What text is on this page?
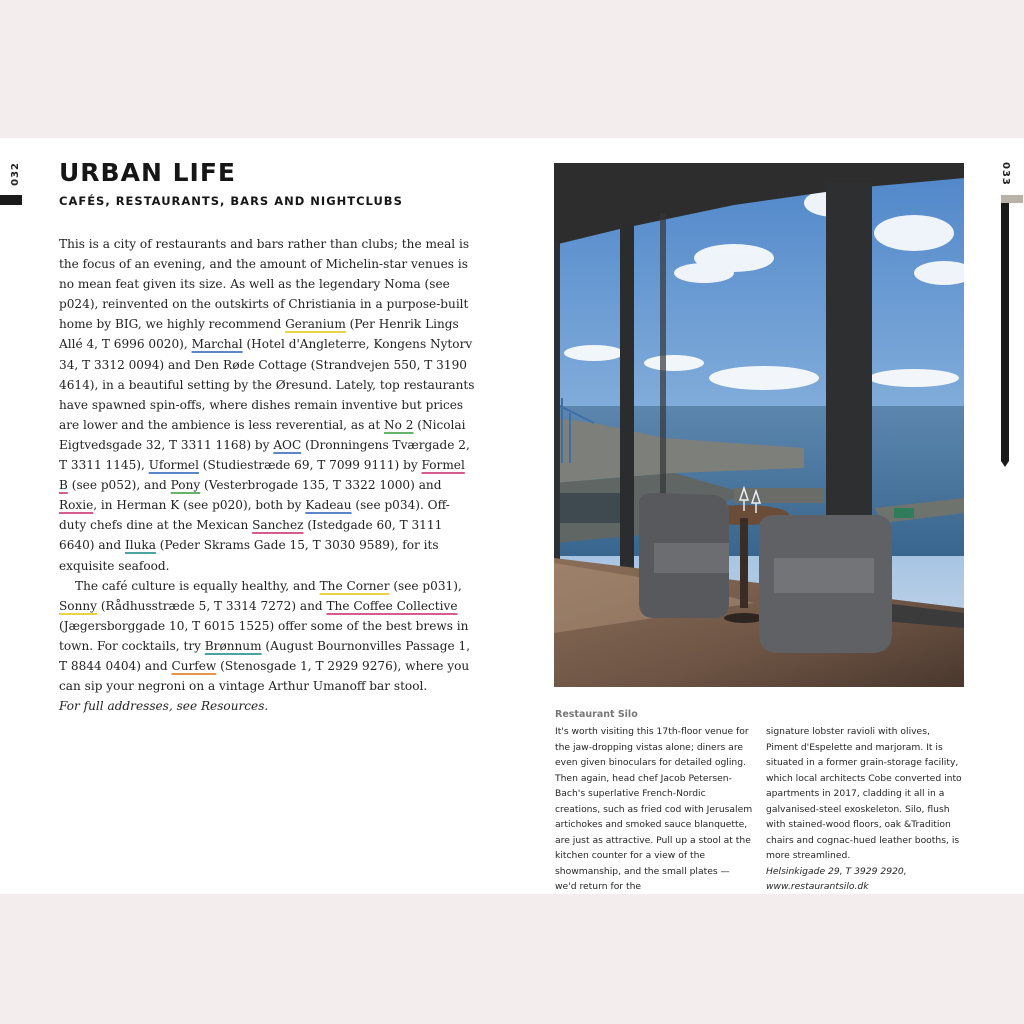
032	033
URBAN LIFE
CAFÉS, RESTAURANTS, BARS AND NIGHTCLUBS

This is a city of restaurants and bars rather than clubs; the meal is the focus of an evening, and the amount of Michelin-star venues is no mean feat given its size. As well as the legendary Noma (see p024), reinvented on the outskirts of Christiania in a purpose-built home by BIG, we highly recommend Geranium (Per Henrik Lings Allé 4, T 6996 0020), Marchal (Hotel d'Angleterre, Kongens Nytorv 34, T 3312 0094) and Den Røde Cottage (Strandvejen 550, T 3190 4614), in a beautiful setting by the Øresund. Lately, top restaurants have spawned spin-offs, where dishes remain inventive but prices are lower and the ambience is less reverential, as at No 2 (Nicolai Eigtvedsgade 32, T 3311 1168) by AOC (Dronningens Tværgade 2, T 3311 1145), Uformel (Studiestræde 69, T 7099 9111) by Formel B (see p052), and Pony (Vesterbrogade 135, T 3322 1000) and Roxie, in Herman K (see p020), both by Kadeau (see p034). Off-duty chefs dine at the Mexican Sanchez (Istedgade 60, T 3111 6640) and Iluka (Peder Skrams Gade 15, T 3030 9589), for its exquisite seafood.

The café culture is equally healthy, and The Corner (see p031), Sonny (Rådhusstræde 5, T 3314 7272) and The Coffee Collective (Jægersborggade 10, T 6015 1525) offer some of the best brews in town. For cocktails, try Brønnum (August Bournonvilles Passage 1, T 8844 0404) and Curfew (Stenosgade 1, T 2929 9276), where you can sip your negroni on a vintage Arthur Umanoff bar stool.

For full addresses, see Resources.

Restaurant Silo
It's worth visiting this 17th-floor venue for the jaw-dropping vistas alone; diners are even given binoculars for detailed ogling. Then again, head chef Jacob Petersen-Bach's superlative French-Nordic creations, such as fried cod with Jerusalem artichokes and smoked sauce blanquette, are just as attractive. Pull up a stool at the kitchen counter for a view of the showmanship, and the small plates — we'd return for the
signature lobster ravioli with olives, Piment d'Espelette and marjoram. It is situated in a former grain-storage facility, which local architects Cobe converted into apartments in 2017, cladding it all in a galvanised-steel exoskeleton. Silo, flush with stained-wood floors, oak &Tradition chairs and cognac-hued leather booths, is more streamlined.
Helsinkigade 29, T 3929 2920,
www.restaurantsilo.dk
